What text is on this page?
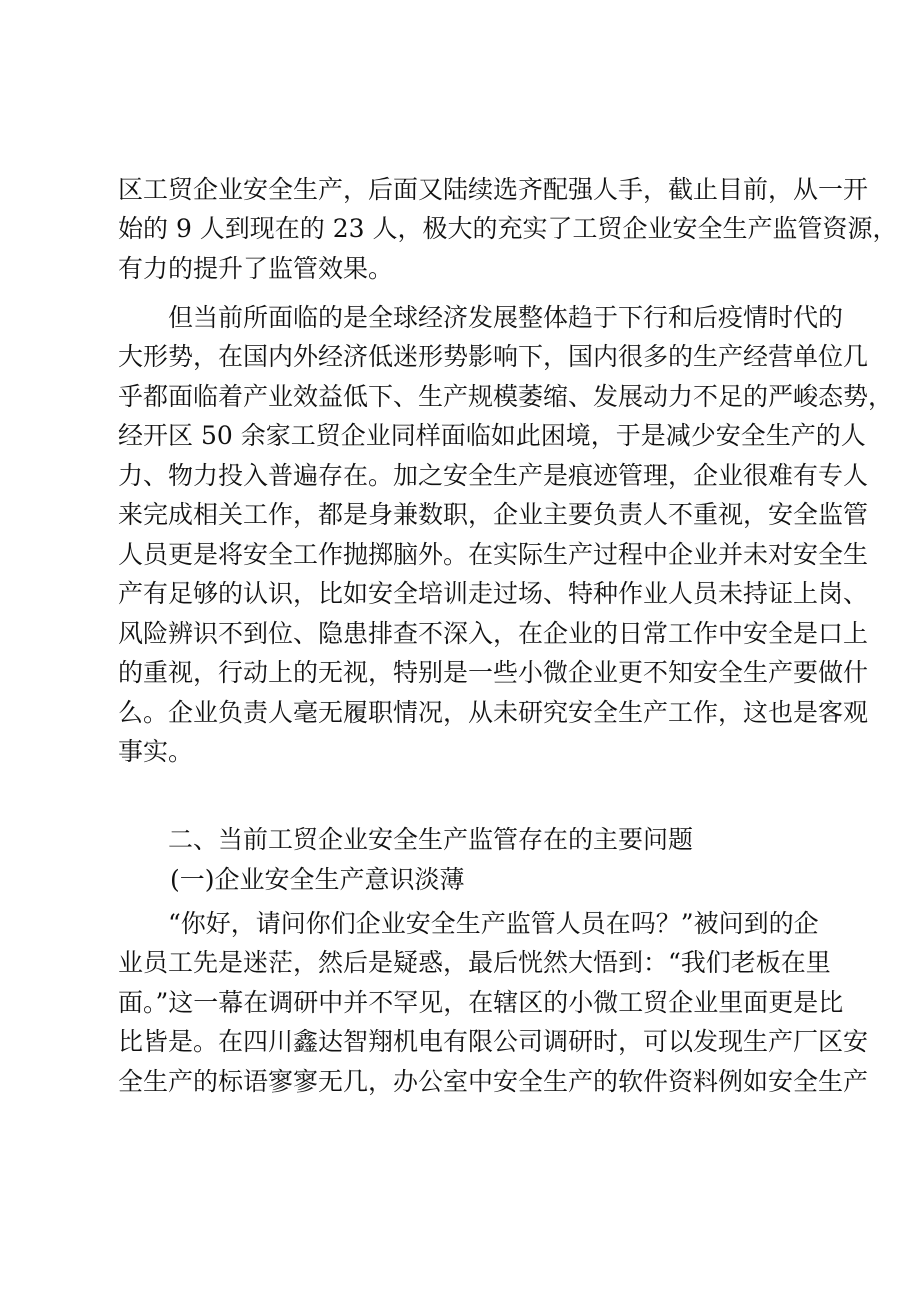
区工贸企业安全生产，后面又陆续选齐配强人手，截止目前，从一开
始的 9 人到现在的 23 人，极大的充实了工贸企业安全生产监管资源，
有力的提升了监管效果。
但当前所面临的是全球经济发展整体趋于下行和后疫情时代的
大形势，在国内外经济低迷形势影响下，国内很多的生产经营单位几
乎都面临着产业效益低下、生产规模萎缩、发展动力不足的严峻态势，
经开区 50 余家工贸企业同样面临如此困境，于是减少安全生产的人
力、物力投入普遍存在。加之安全生产是痕迹管理，企业很难有专人
来完成相关工作，都是身兼数职，企业主要负责人不重视，安全监管
人员更是将安全工作抛掷脑外。在实际生产过程中企业并未对安全生
产有足够的认识，比如安全培训走过场、特种作业人员未持证上岗、
风险辨识不到位、隐患排查不深入，在企业的日常工作中安全是口上
的重视，行动上的无视，特别是一些小微企业更不知安全生产要做什
么。企业负责人毫无履职情况，从未研究安全生产工作，这也是客观
事实。
二、当前工贸企业安全生产监管存在的主要问题
(一)企业安全生产意识淡薄
“你好，请问你们企业安全生产监管人员在吗？”被问到的企
业员工先是迷茫，然后是疑惑，最后恍然大悟到：“我们老板在里
面。”这一幕在调研中并不罕见，在辖区的小微工贸企业里面更是比
比皆是。在四川鑫达智翔机电有限公司调研时，可以发现生产厂区安
全生产的标语寥寥无几，办公室中安全生产的软件资料例如安全生产
